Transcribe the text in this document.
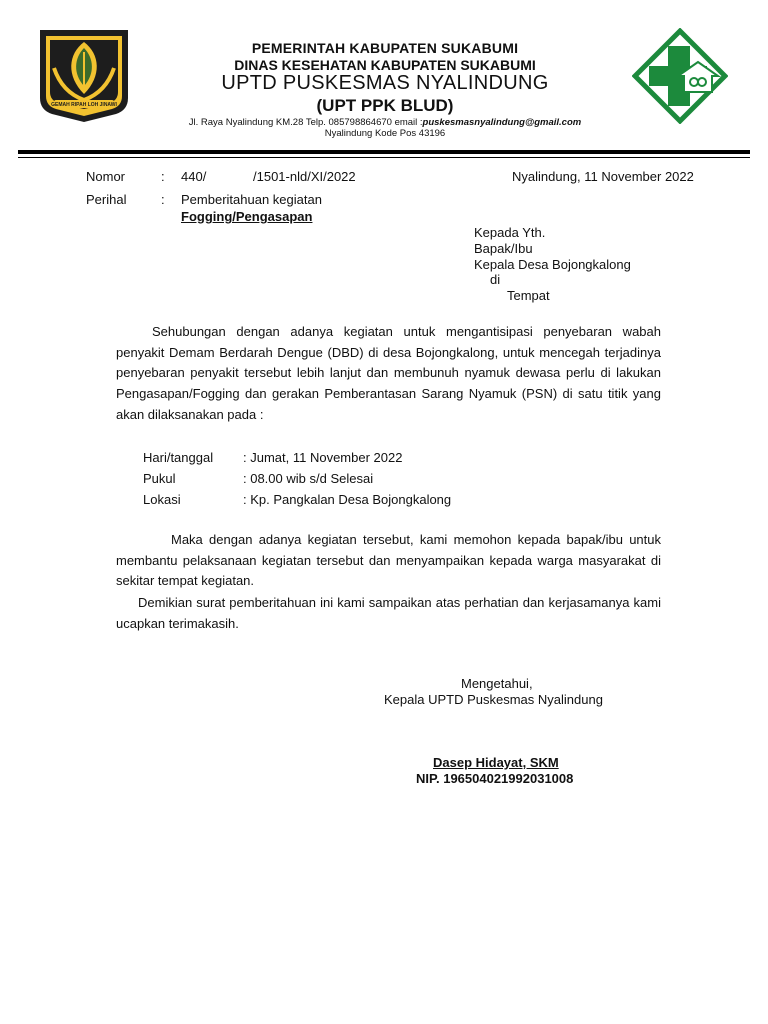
GEMAH RIPAH LOH JINAWI
PEMERINTAH KABUPATEN SUKABUMI
DINAS KESEHATAN KABUPATEN SUKABUMI
UPTD PUSKESMAS NYALINDUNG
(UPT PPK BLUD)
Jl. Raya Nyalindung KM.28 Telp. 085798864670 email :puskesmasnyalindung@gmail.com
Nyalindung Kode Pos 43196
Nomor	: 440/	/1501-nld/XI/2022	Nyalindung, 11 November 2022
Perihal	: Pemberitahuan kegiatan
Fogging/Pengasapan
Kepada Yth.
Bapak/Ibu
Kepala Desa Bojongkalong
di
Tempat
Sehubungan dengan adanya kegiatan untuk mengantisipasi penyebaran wabah penyakit Demam Berdarah Dengue (DBD) di desa Bojongkalong, untuk mencegah terjadinya penyebaran penyakit tersebut lebih lanjut dan membunuh nyamuk dewasa perlu di lakukan Pengasapan/Fogging dan gerakan Pemberantasan Sarang Nyamuk (PSN) di satu titik yang akan dilaksanakan pada :
Hari/tanggal : Jumat, 11 November 2022
Pukul	: 08.00 wib s/d Selesai
Lokasi	: Kp. Pangkalan Desa Bojongkalong
Maka dengan adanya kegiatan tersebut, kami memohon kepada bapak/ibu untuk membantu pelaksanaan kegiatan tersebut dan menyampaikan kepada warga masyarakat di sekitar tempat kegiatan.
Demikian surat pemberitahuan ini kami sampaikan atas perhatian dan kerjasamanya kami ucapkan terimakasih.
Mengetahui,
Kepala UPTD Puskesmas Nyalindung
Dasep Hidayat, SKM
NIP. 196504021992031008
